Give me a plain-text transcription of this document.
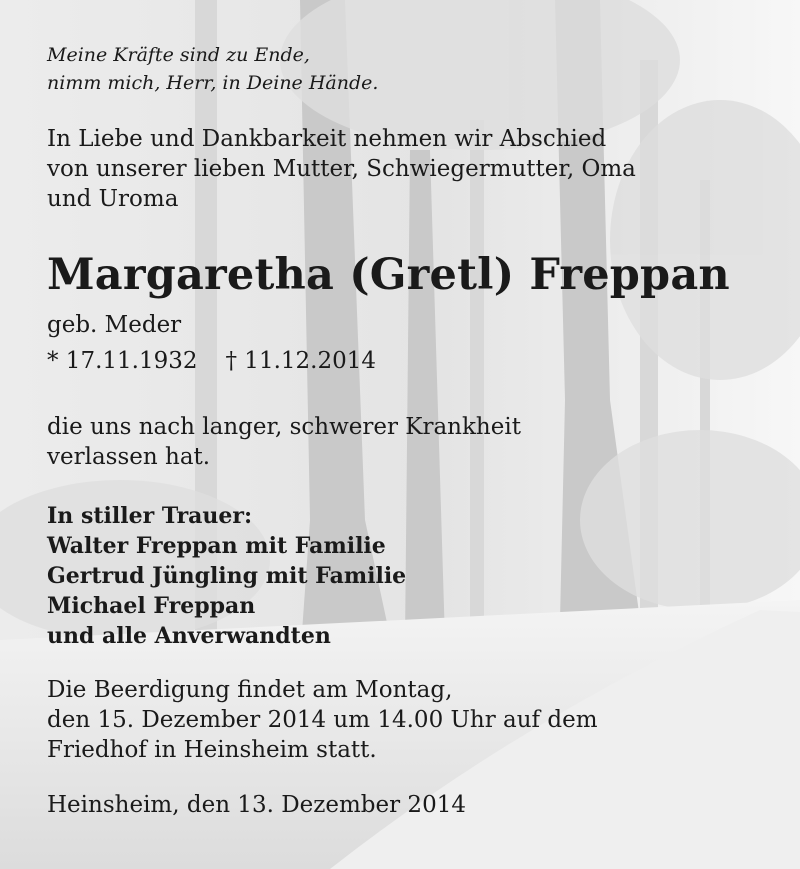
Meine Kräfte sind zu Ende,
nimm mich, Herr, in Deine Hände.
In Liebe und Dankbarkeit nehmen wir Abschied
von unserer lieben Mutter, Schwiegermutter, Oma
und Uroma
Margaretha (Gretl) Freppan
geb. Meder
* 17.11.1932 † 11.12.2014
die uns nach langer, schwerer Krankheit
verlassen hat.
In stiller Trauer:
Walter Freppan mit Familie
Gertrud Jüngling mit Familie
Michael Freppan
und alle Anverwandten
Die Beerdigung findet am Montag,
den 15. Dezember 2014 um 14.00 Uhr auf dem
Friedhof in Heinsheim statt.
Heinsheim, den 13. Dezember 2014
